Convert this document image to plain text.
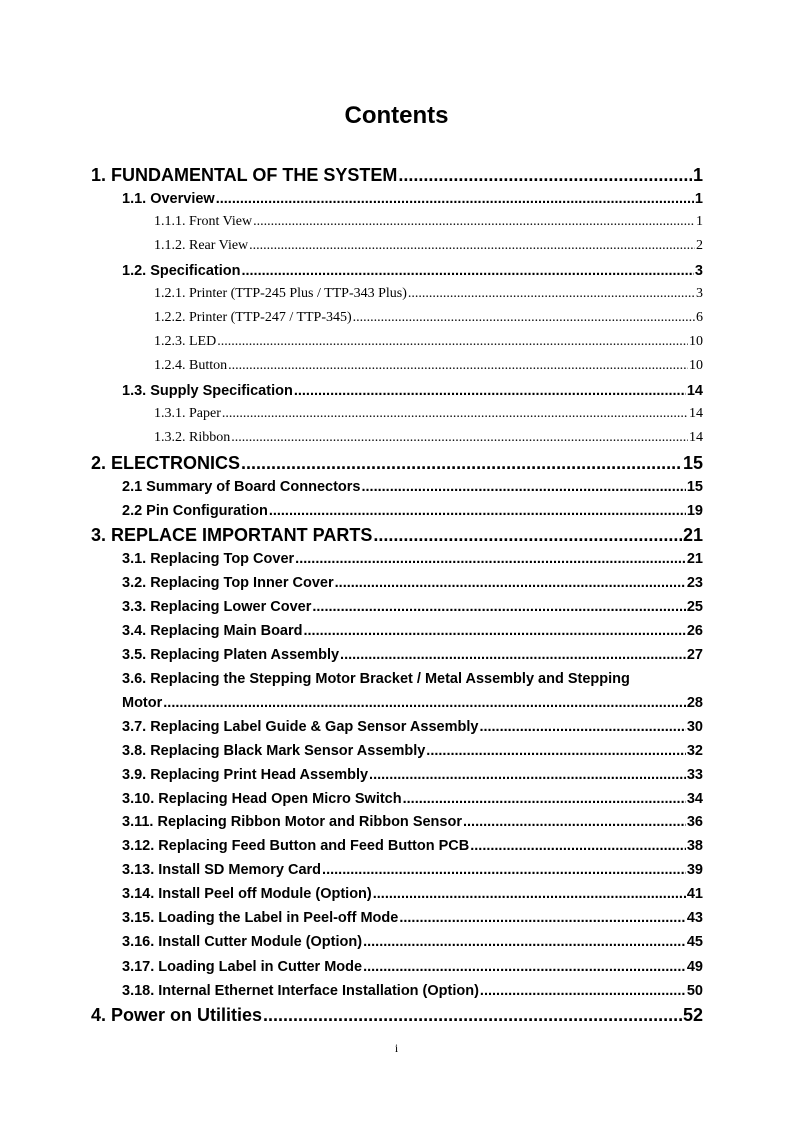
Contents
1. FUNDAMENTAL OF THE SYSTEM .....	1
1.1. Overview .....	1
1.1.1. Front View .....	1
1.1.2. Rear View .....	2
1.2. Specification .....	3
1.2.1. Printer (TTP-245 Plus / TTP-343 Plus) .....	3
1.2.2. Printer (TTP-247 / TTP-345) .....	6
1.2.3. LED .....	10
1.2.4. Button .....	10
1.3. Supply Specification .....	14
1.3.1. Paper .....	14
1.3.2. Ribbon .....	14
2. ELECTRONICS .....	15
2.1 Summary of Board Connectors .....	15
2.2 Pin Configuration .....	19
3. REPLACE IMPORTANT PARTS .....	21
3.1. Replacing Top Cover .....	21
3.2. Replacing Top Inner Cover .....	23
3.3. Replacing Lower Cover .....	25
3.4. Replacing Main Board .....	26
3.5. Replacing Platen Assembly .....	27
3.6. Replacing the Stepping Motor Bracket / Metal Assembly and Stepping
Motor .....	28
3.7. Replacing Label Guide & Gap Sensor Assembly .....	30
3.8. Replacing Black Mark Sensor Assembly .....	32
3.9. Replacing Print Head Assembly .....	33
3.10. Replacing Head Open Micro Switch .....	34
3.11. Replacing Ribbon Motor and Ribbon Sensor .....	36
3.12. Replacing Feed Button and Feed Button PCB .....	38
3.13. Install SD Memory Card .....	39
3.14. Install Peel off Module (Option) .....	41
3.15. Loading the Label in Peel-off Mode .....	43
3.16. Install Cutter Module (Option) .....	45
3.17. Loading Label in Cutter Mode .....	49
3.18. Internal Ethernet Interface Installation (Option) .....	50
4. Power on Utilities .....	52
i
